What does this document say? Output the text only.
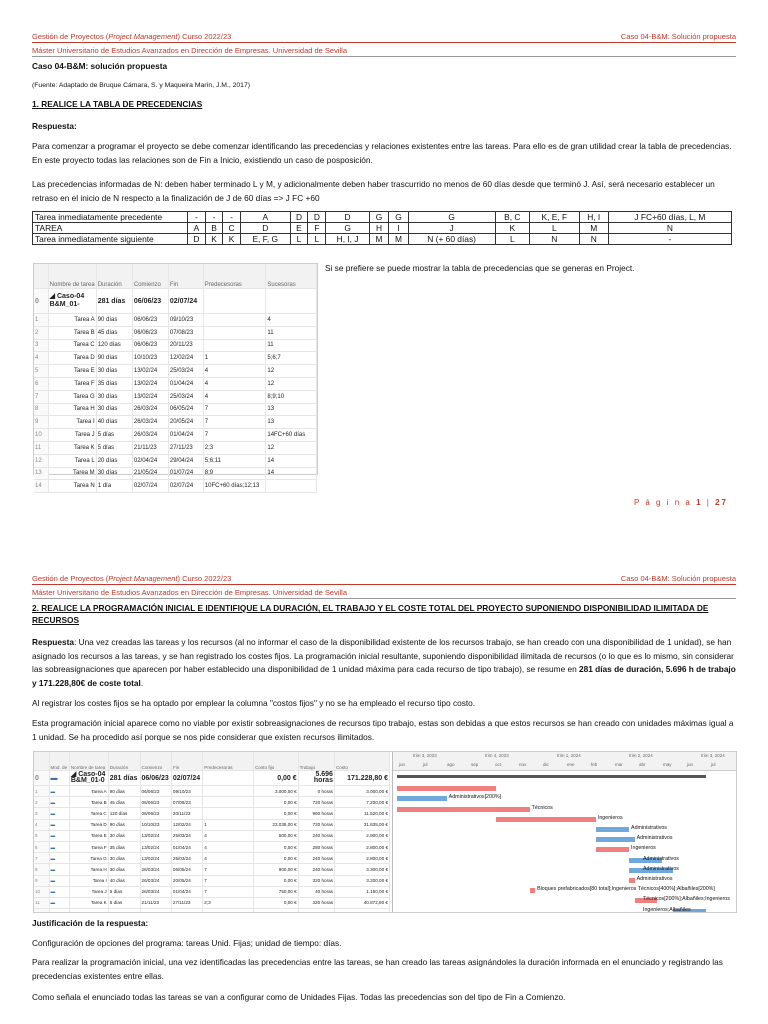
Gestión de Proyectos (Project Management) Curso 2022/23	Caso 04-B&M: Solución propuesta
Máster Universitario de Estudios Avanzados en Dirección de Empresas. Universidad de Sevilla
Caso 04-B&M: solución propuesta
(Fuente: Adaptado de Bruque Cámara, S. y Maqueira Marín, J.M., 2017)
1. REALICE LA TABLA DE PRECEDENCIAS
Respuesta:
Para comenzar a programar el proyecto se debe comenzar identificando las precedencias y relaciones existentes entre las tareas. Para ello es de gran utilidad crear la tabla de precedencias. En este proyecto todas las relaciones son de Fin a Inicio, existiendo un caso de posposición.
Las precedencias informadas de N: deben haber terminado L y M, y adicionalmente deben haber trascurrido no menos de 60 días desde que terminó J. Así, será necesario establecer un retraso en el inicio de N respecto a la finalización de J de 60 días => J FC +60
Tarea inmediatamente precedente	-	-	-	A	D	D	D	G	G	G	B, C	K, E, F	H, I	J FC+60 días, L, M
TAREA	A	B	C	D	E	F	G	H	I	J	K	L	M	N
Tarea inmediatamente siguiente	D	K	K	E, F, G	L	L	H, I, J	M	M	N (+ 60 días)	L	N	N	-
	Nombre de tarea	Duración	Comienzo	Fin	Predecesoras	Sucesoras
0	◢ Caso-04 B&M_01-	281 días	06/06/23	02/07/24		
1	Tarea A	90 días	06/06/23	09/10/23		4
2	Tarea B	45 días	06/06/23	07/08/23		11
3	Tarea C	120 días	06/06/23	20/11/23		11
4	Tarea D	90 días	10/10/23	12/02/24	1	5;6;7
5	Tarea E	30 días	13/02/24	25/03/24	4	12
6	Tarea F	35 días	13/02/24	01/04/24	4	12
7	Tarea G	30 días	13/02/24	25/03/24	4	8;9;10
8	Tarea H	30 días	26/03/24	06/05/24	7	13
9	Tarea I	40 días	26/03/24	20/05/24	7	13
10	Tarea J	5 días	26/03/24	01/04/24	7	14FC+60 días
11	Tarea K	5 días	21/11/23	27/11/23	2;3	12
12	Tarea L	20 días	02/04/24	29/04/24	5;6;11	14
13	Tarea M	30 días	21/05/24	01/07/24	8;9	14
14	Tarea N	1 día	02/07/24	02/07/24	10FC+60 días;12;13	
Si se prefiere se puede mostrar la tabla de precedencias que se generas en Project.
P á g i n a 1 | 27
Gestión de Proyectos (Project Management) Curso 2022/23	Caso 04-B&M: Solución propuesta
Máster Universitario de Estudios Avanzados en Dirección de Empresas. Universidad de Sevilla
2. REALICE LA PROGRAMACIÓN INICIAL E IDENTIFIQUE LA DURACIÓN, EL TRABAJO Y EL COSTE TOTAL DEL PROYECTO SUPONIENDO DISPONIBILIDAD ILIMITADA DE RECURSOS
Respuesta: Una vez creadas las tareas y los recursos (al no informar el caso de la disponibilidad existente de los recursos trabajo, se han creado con una disponibilidad de 1 unidad), se han asignado los recursos a las tareas, y se han registrado los costes fijos. La programación inicial resultante, suponiendo disponibilidad ilimitada de recursos (o lo que es lo mismo, sin considerar las sobreasignaciones que aparecen por haber establecido una disponibilidad de 1 unidad máxima para cada recurso de tipo trabajo), se resume en 281 días de duración, 5.696 h de trabajo y 171.228,80€ de coste total.
Al registrar los costes fijos se ha optado por emplear la columna "costos fijos" y no se ha empleado el recurso tipo costo.
Esta programación inicial aparece como no viable por existir sobreasignaciones de recursos tipo trabajo, estas son debidas a que estos recursos se han creado con unidades máximas igual a 1 unidad. Se ha procedido así porque se nos pide considerar que existen recursos ilimitados.
	Mod. de	Nombre de tarea	Duración	Comienzo	Fin	Predecesoras	Costo fijo	Trabajo	Costo
0	▬	◢ Caso-04 B&M_01-0	281 días	06/06/23	02/07/24		0,00 €	5.696 horas	171.228,80 €
1	▬	Tarea A	90 días	06/06/23	09/10/23		3.000,00 €	0 horas	3.000,00 €
2	▬	Tarea B	45 días	06/06/23	07/08/23		0,00 €	720 horas	7.200,00 €
3	▬	Tarea C	120 días	06/06/23	20/11/23		0,00 €	960 horas	11.520,00 €
4	▬	Tarea D	90 días	10/10/23	12/02/24	1	23.035,00 €	720 horas	31.835,00 €
5	▬	Tarea E	30 días	13/02/24	25/03/24	4	500,00 €	240 horas	2.900,00 €
6	▬	Tarea F	35 días	13/02/24	01/04/24	4	0,00 €	280 horas	2.800,00 €
7	▬	Tarea G	30 días	13/02/24	25/03/24	4	0,00 €	240 horas	2.800,00 €
8	▬	Tarea H	30 días	26/03/24	06/05/24	7	900,00 €	240 horas	3.300,00 €
9	▬	Tarea I	40 días	26/03/24	20/05/24	7	0,00 €	320 horas	3.200,00 €
10	▬	Tarea J	5 días	26/03/24	01/04/24	7	750,00 €	40 horas	1.150,00 €
11	▬	Tarea K	5 días	21/11/23	27/11/23	2;3	0,00 €	320 horas	40.872,80 €

trim 3, 2023	trim 4, 2023	trim 1, 2024	trim 2, 2024	trim 3, 2024
jun	jul	ago	sep	oct	nov	dic	ene	feb	mar	abr	may	jun	jul
Administrativos[200%]
Técnicos
Ingenieros
Administrativos
Administrativos
Ingenieros
Administrativos
Administrativos
Administrativos
Bloques prefabricados[80 total];Ingenieros Técnicos[400%];Albañiles[200%]
Técnicos[200%];Albañiles;Ingenieros
Ingenieros;Albañiles
Justificación de la respuesta:
Configuración de opciones del programa: tareas Unid. Fijas; unidad de tiempo: días.
Para realizar la programación inicial, una vez identificadas las precedencias entre las tareas, se han creado las tareas asignándoles la duración informada en el enunciado y registrando las precedencias existentes entre ellas.
Como señala el enunciado todas las tareas se van a configurar como de Unidades Fijas. Todas las precedencias son del tipo de Fin a Comienzo.
